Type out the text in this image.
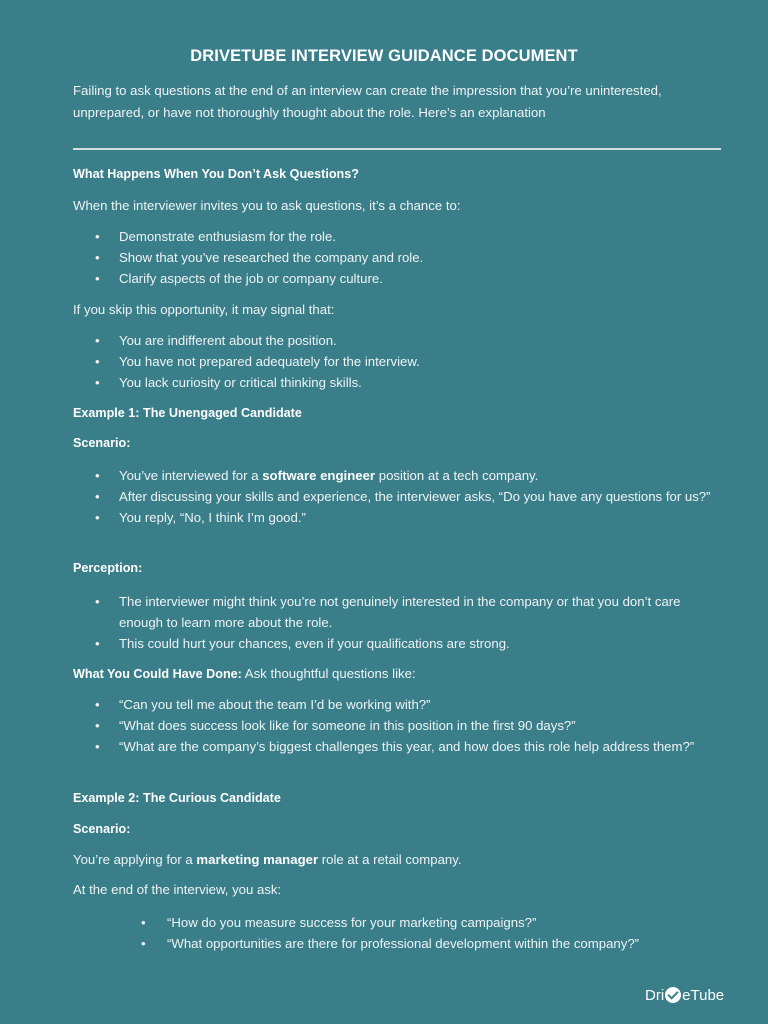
DRIVETUBE INTERVIEW GUIDANCE DOCUMENT
Failing to ask questions at the end of an interview can create the impression that you’re uninterested, unprepared, or have not thoroughly thought about the role. Here’s an explanation
What Happens When You Don’t Ask Questions?
When the interviewer invites you to ask questions, it’s a chance to:
• Demonstrate enthusiasm for the role.
• Show that you’ve researched the company and role.
• Clarify aspects of the job or company culture.
If you skip this opportunity, it may signal that:
• You are indifferent about the position.
• You have not prepared adequately for the interview.
• You lack curiosity or critical thinking skills.
Example 1: The Unengaged Candidate
Scenario:
• You’ve interviewed for a software engineer position at a tech company.
• After discussing your skills and experience, the interviewer asks, “Do you have any questions for us?”
• You reply, “No, I think I’m good.”
Perception:
• The interviewer might think you’re not genuinely interested in the company or that you don’t care enough to learn more about the role.
• This could hurt your chances, even if your qualifications are strong.
What You Could Have Done: Ask thoughtful questions like:
• “Can you tell me about the team I’d be working with?”
• “What does success look like for someone in this position in the first 90 days?”
• “What are the company’s biggest challenges this year, and how does this role help address them?”
Example 2: The Curious Candidate
Scenario:
You’re applying for a marketing manager role at a retail company.
At the end of the interview, you ask:
• “How do you measure success for your marketing campaigns?”
• “What opportunities are there for professional development within the company?”
Dri eTube
